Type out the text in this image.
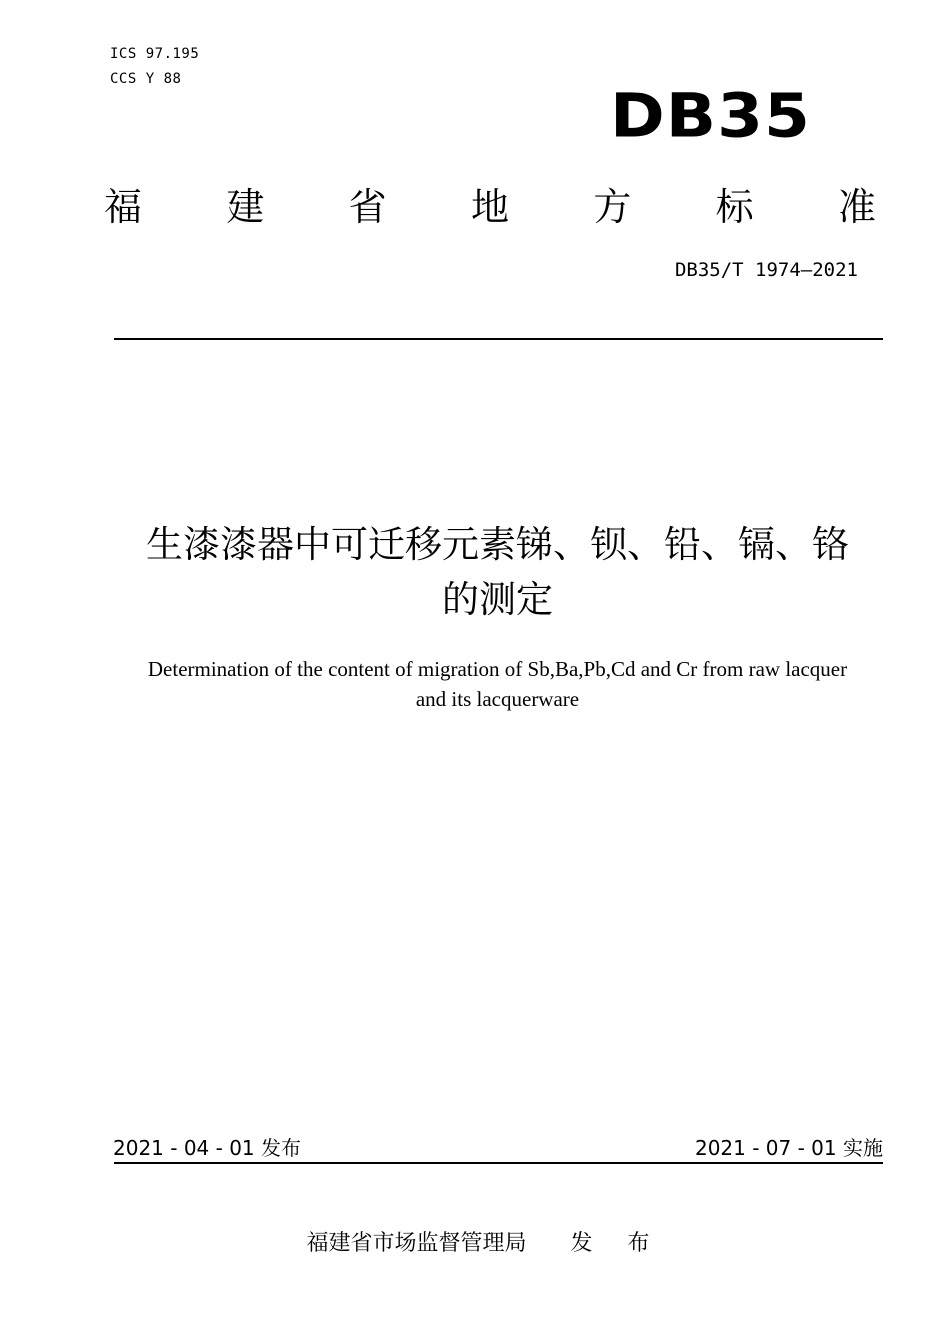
ICS 97.195
CCS Y 88
DB35
福 建 省 地 方 标 准
DB35/T 1974—2021
生漆漆器中可迁移元素锑、钡、铅、镉、铬
的测定
Determination of the content of migration of Sb,Ba,Pb,Cd and Cr from raw lacquer
and its lacquerware
2021 - 04 - 01 发布	2021 - 07 - 01 实施
福建省市场监督管理局 发 布
